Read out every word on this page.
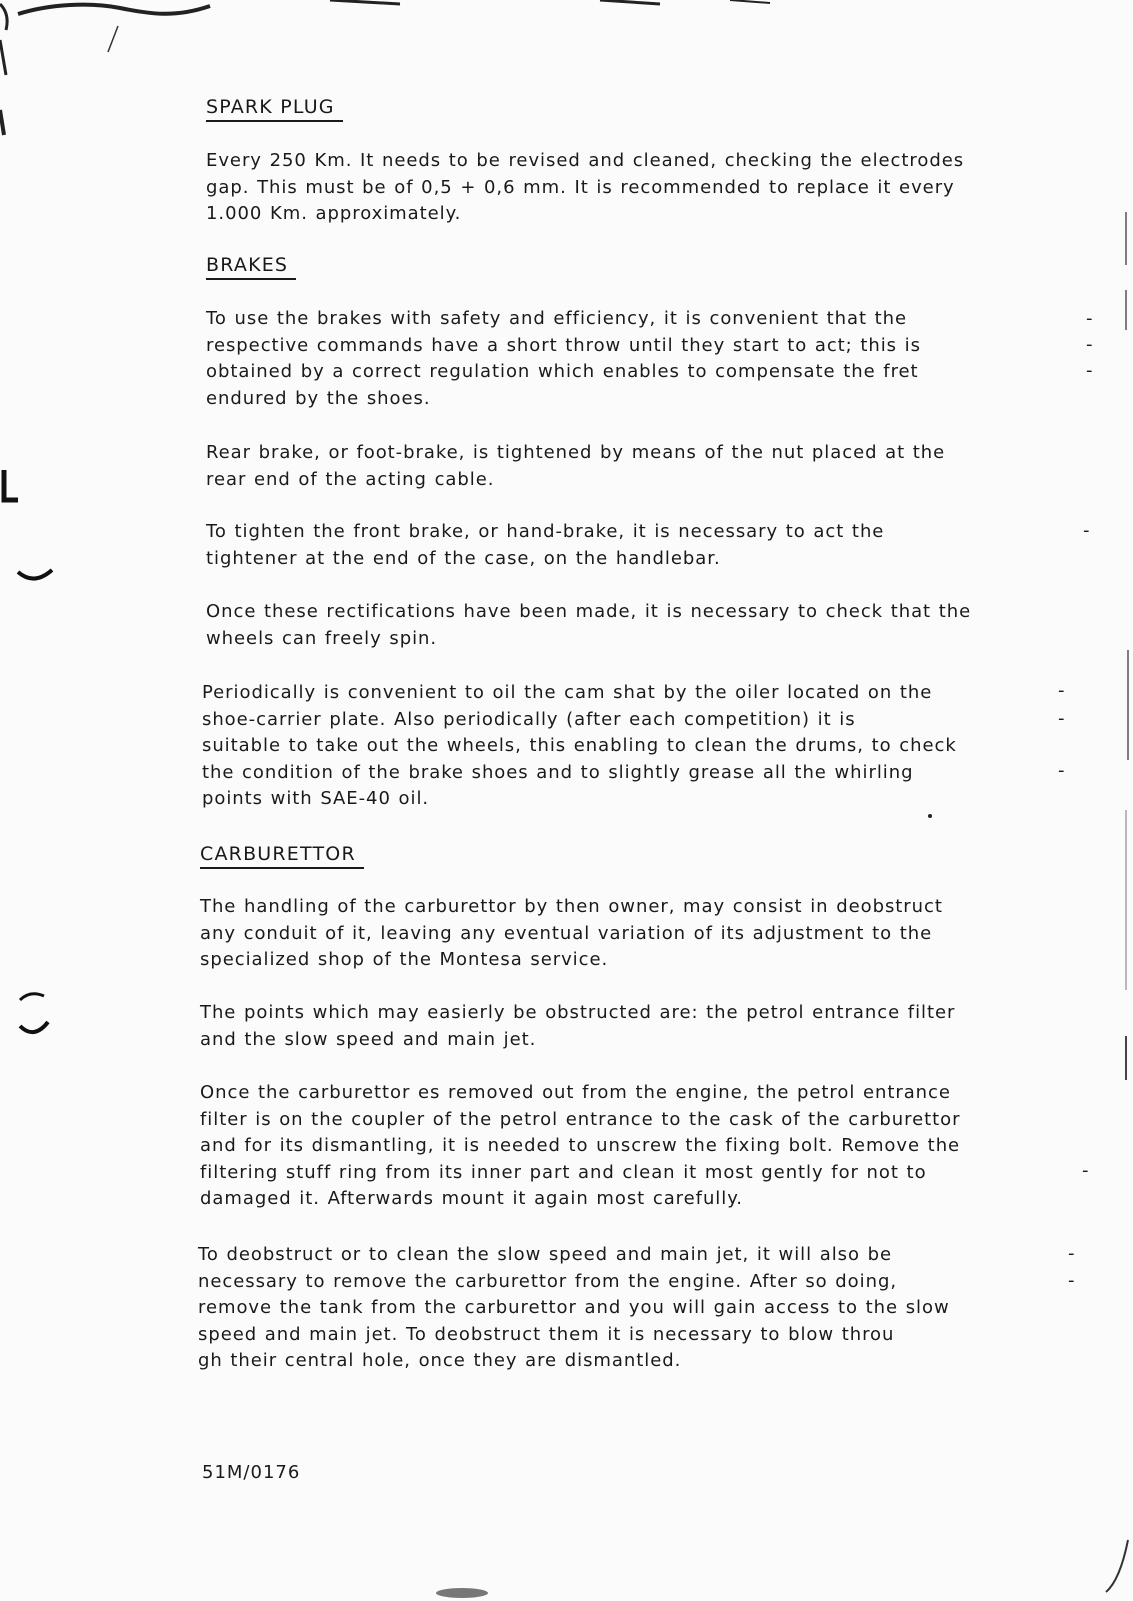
SPARK PLUG

Every 250 Km. It needs to be revised and cleaned, checking the electrodes
gap. This must be of 0,5 + 0,6 mm. It is recommended to replace it every
1.000 Km. approximately.

BRAKES

To use the brakes with safety and efficiency, it is convenient that the
respective commands have a short throw until they start to act; this is
obtained by a correct regulation which enables to compensate the fret
endured by the shoes.

Rear brake, or foot-brake, is tightened by means of the nut placed at the
rear end of the acting cable.

To tighten the front brake, or hand-brake, it is necessary to act the
tightener at the end of the case, on the handlebar.

Once these rectifications have been made, it is necessary to check that the
wheels can freely spin.

Periodically is convenient to oil the cam shat by the oiler located on the
shoe-carrier plate. Also periodically (after each competition) it is
suitable to take out the wheels, this enabling to clean the drums, to check
the condition of the brake shoes and to slightly grease all the whirling
points with SAE-40 oil.

CARBURETTOR

The handling of the carburettor by then owner, may consist in deobstruct
any conduit of it, leaving any eventual variation of its adjustment to the
specialized shop of the Montesa service.

The points which may easierly be obstructed are: the petrol entrance filter
and the slow speed and main jet.

Once the carburettor es removed out from the engine, the petrol entrance
filter is on the coupler of the petrol entrance to the cask of the carburettor
and for its dismantling, it is needed to unscrew the fixing bolt. Remove the
filtering stuff ring from its inner part and clean it most gently for not to
damaged it. Afterwards mount it again most carefully.

To deobstruct or to clean the slow speed and main jet, it will also be
necessary to remove the carburettor from the engine. After so doing,
remove the tank from the carburettor and you will gain access to the slow
speed and main jet. To deobstruct them it is necessary to blow throu
gh their central hole, once they are dismantled.

-
-
-
-
-
-
-
-
-
-

51M/0176
